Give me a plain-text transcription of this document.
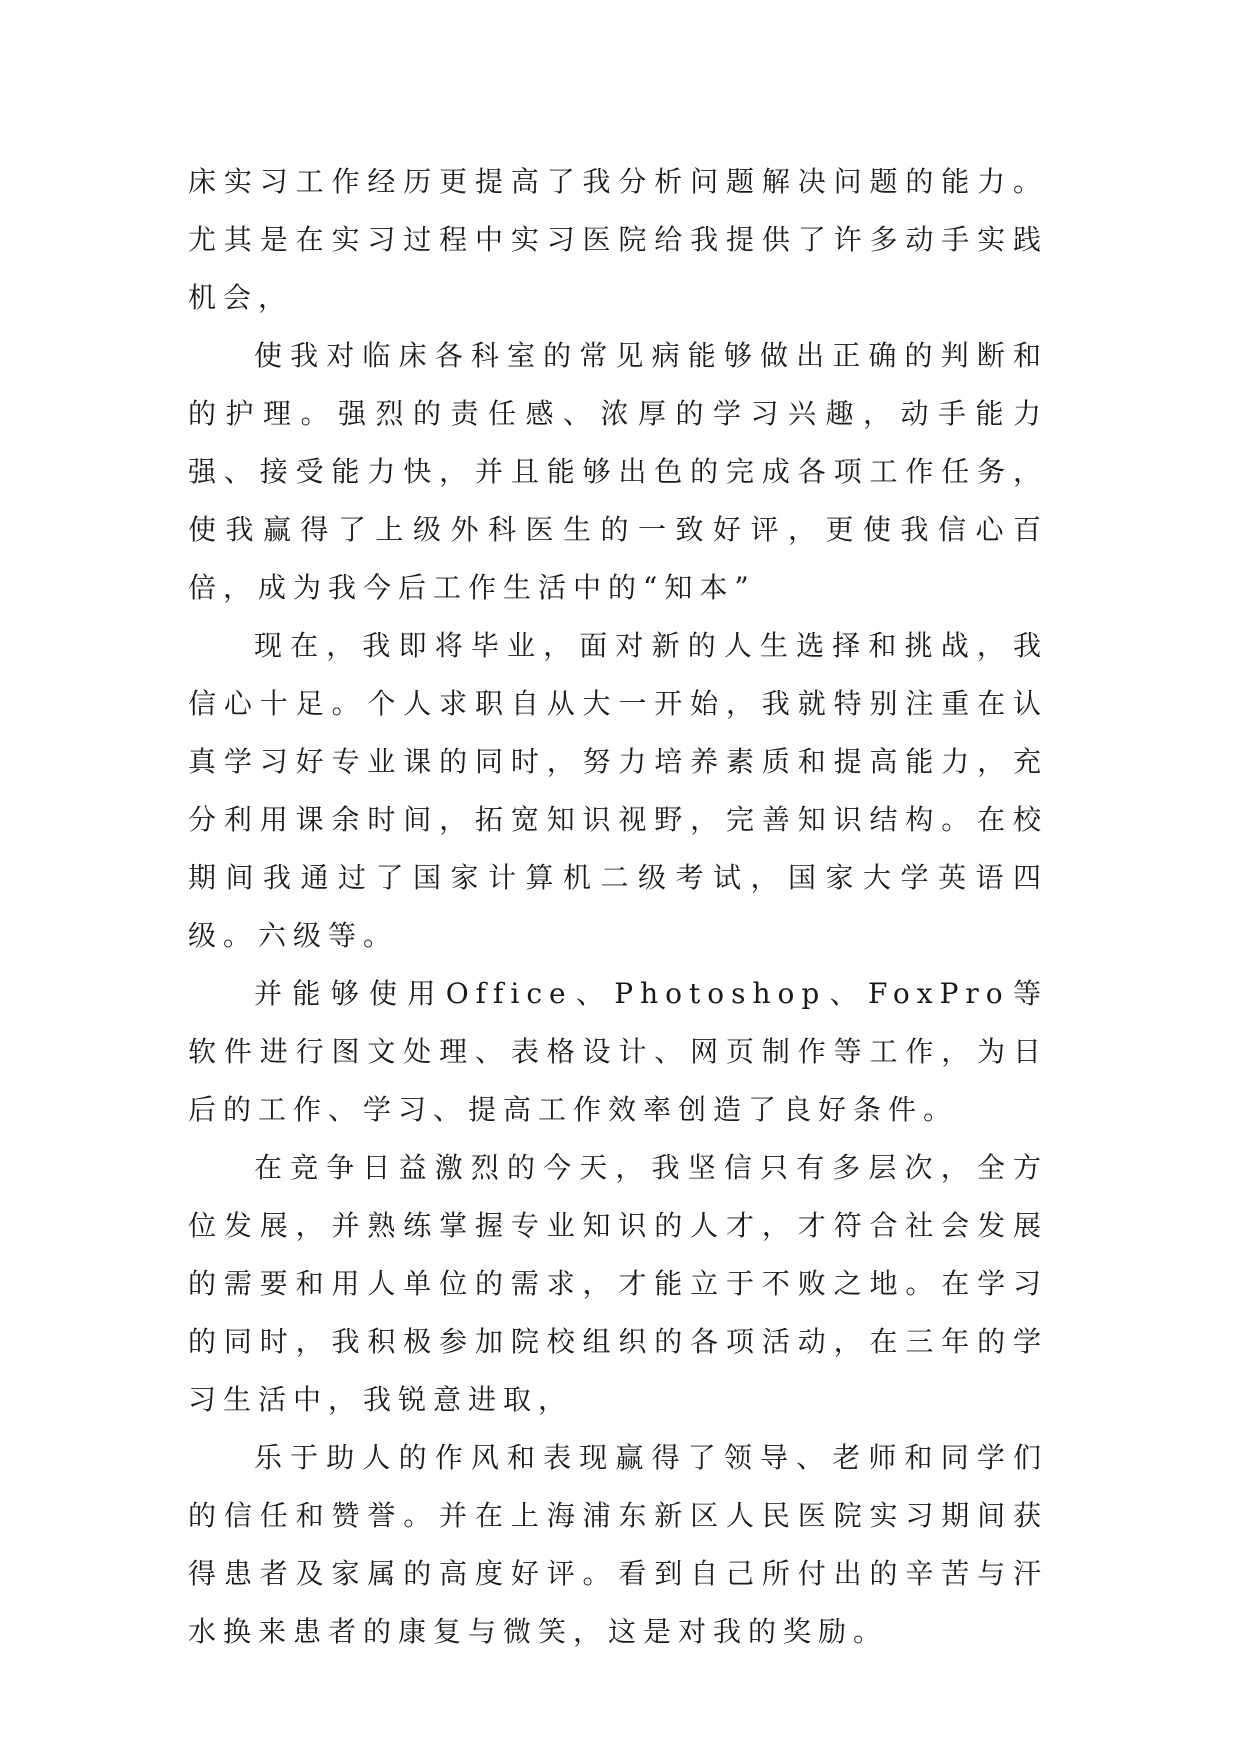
床实习工作经历更提高了我分析问题解决问题的能力。尤其是在实习过程中实习医院给我提供了许多动手实践机会，

使我对临床各科室的常见病能够做出正确的判断和的护理。强烈的责任感、浓厚的学习兴趣，动手能力强、接受能力快，并且能够出色的完成各项工作任务，使我赢得了上级外科医生的一致好评，更使我信心百倍，成为我今后工作生活中的“知本”

现在，我即将毕业，面对新的人生选择和挑战，我信心十足。个人求职自从大一开始，我就特别注重在认真学习好专业课的同时，努力培养素质和提高能力，充分利用课余时间，拓宽知识视野，完善知识结构。在校期间我通过了国家计算机二级考试，国家大学英语四级。六级等。

并能够使用Office、Photoshop、FoxPro等软件进行图文处理、表格设计、网页制作等工作，为日后的工作、学习、提高工作效率创造了良好条件。

在竞争日益激烈的今天，我坚信只有多层次，全方位发展，并熟练掌握专业知识的人才，才符合社会发展的需要和用人单位的需求，才能立于不败之地。在学习的同时，我积极参加院校组织的各项活动，在三年的学习生活中，我锐意进取，

乐于助人的作风和表现赢得了领导、老师和同学们的信任和赞誉。并在上海浦东新区人民医院实习期间获得患者及家属的高度好评。看到自己所付出的辛苦与汗水换来患者的康复与微笑，这是对我的奖励。
